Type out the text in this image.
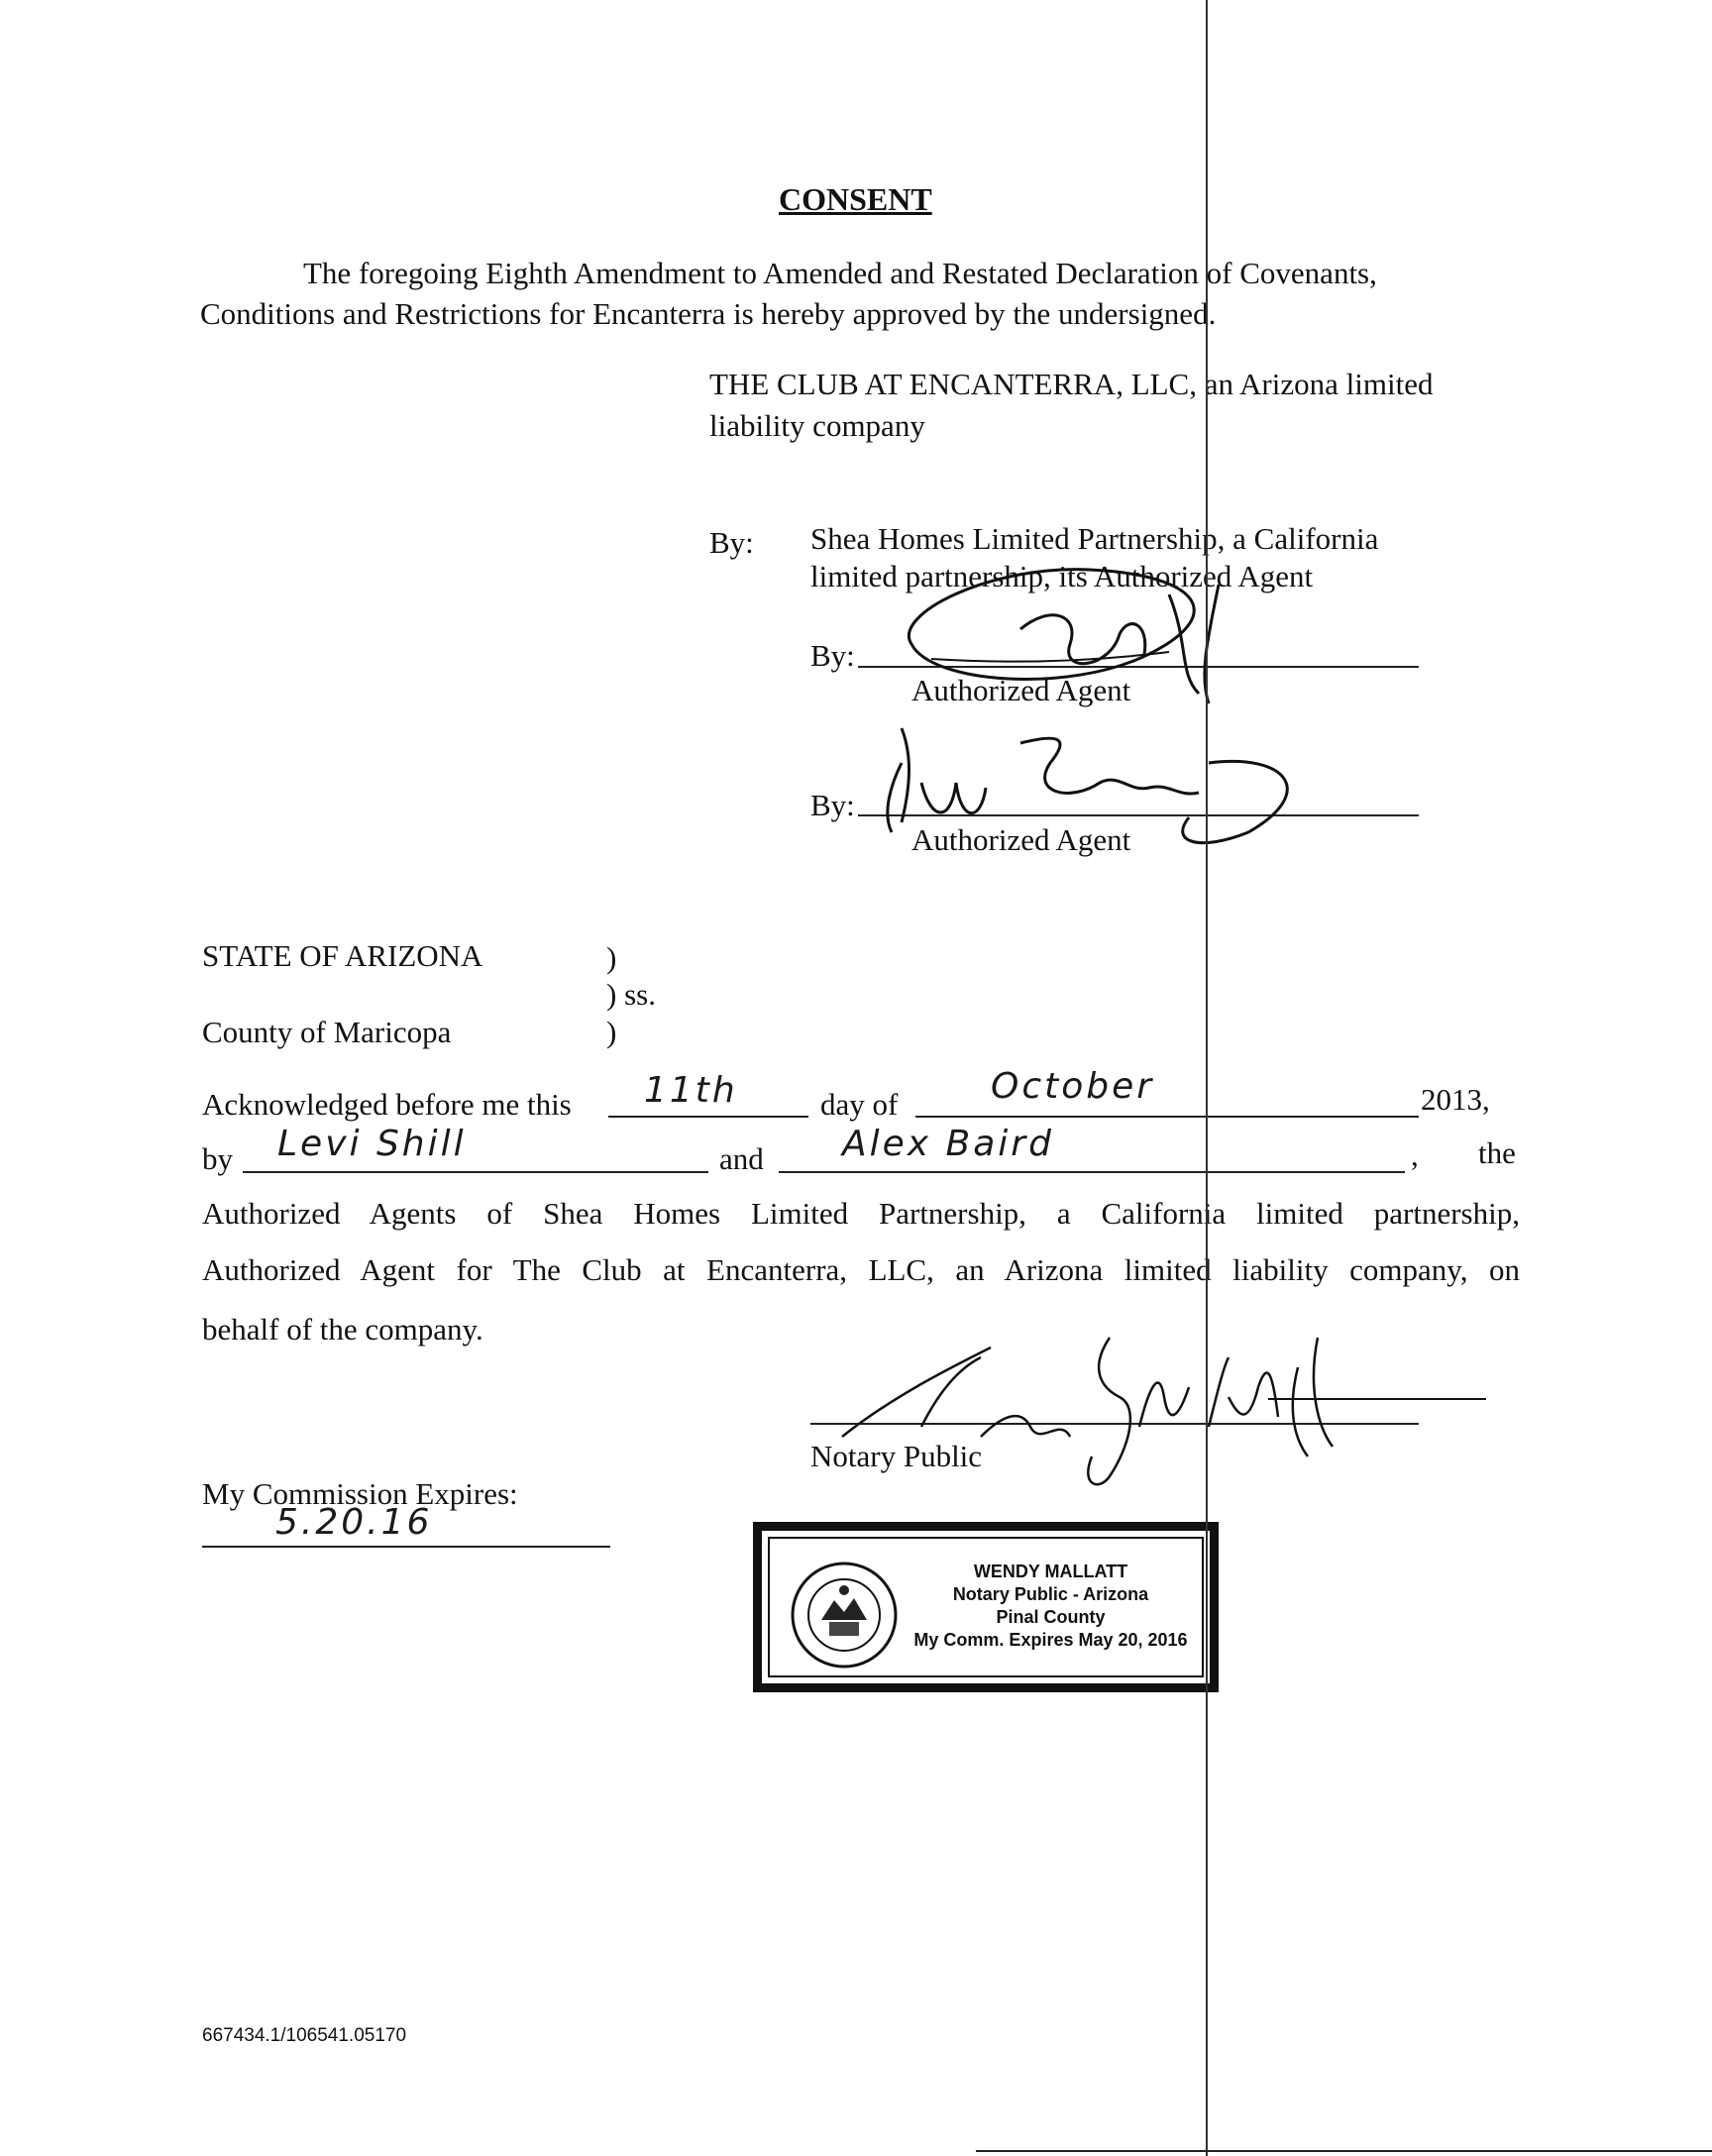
CONSENT
The foregoing Eighth Amendment to Amended and Restated Declaration of Covenants,
Conditions and Restrictions for Encanterra is hereby approved by the undersigned.
THE CLUB AT ENCANTERRA, LLC, an Arizona limited
liability company
By: Shea Homes Limited Partnership, a California
limited partnership, its Authorized Agent
By:
Authorized Agent
By:
Authorized Agent
STATE OF ARIZONA	)
) ss.
County of Maricopa	)
Acknowledged before me this 11th	day of	October	2013,
by Levi Shill	and Alex Baird	, the
Authorized Agents of Shea Homes Limited Partnership, a California limited partnership,
Authorized Agent for The Club at Encanterra, LLC, an Arizona limited liability company, on
behalf of the company.
Notary Public
My Commission Expires:
5.20.16
WENDY MALLATT
Notary Public - Arizona
Pinal County
My Comm. Expires May 20, 2016
667434.1/106541.05170
